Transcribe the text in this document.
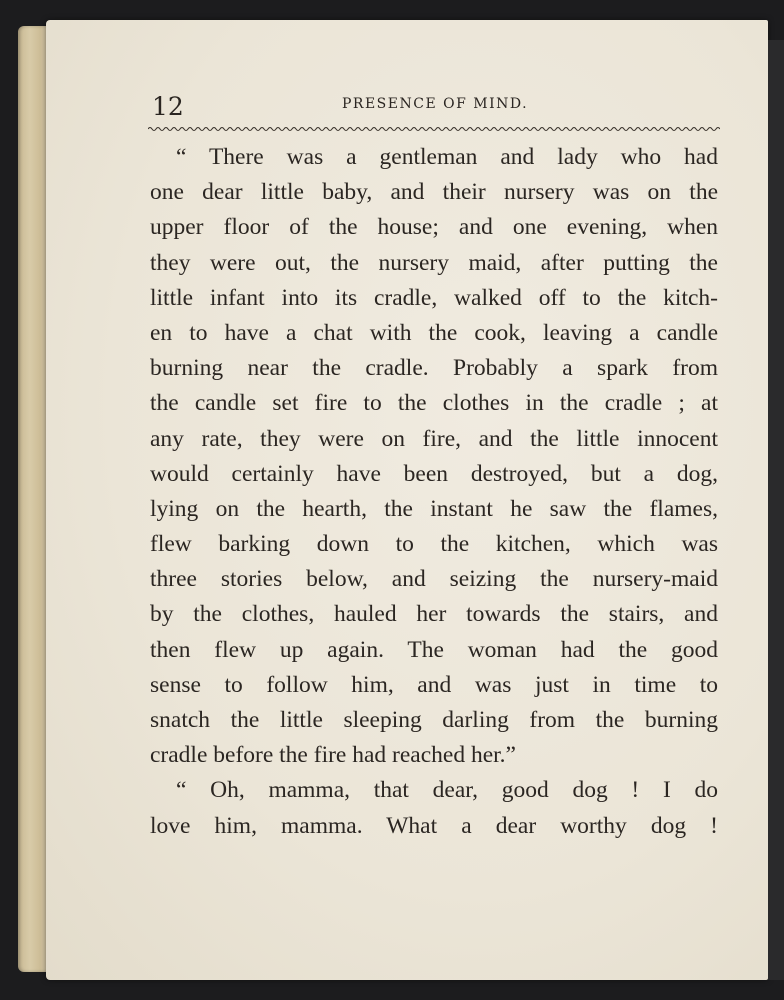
12	PRESENCE OF MIND.
“ There was a gentleman and lady who had
one dear little baby, and their nursery was on the
upper floor of the house; and one evening, when
they were out, the nursery maid, after putting the
little infant into its cradle, walked off to the kitch-
en to have a chat with the cook, leaving a candle
burning near the cradle. Probably a spark from
the candle set fire to the clothes in the cradle ; at
any rate, they were on fire, and the little innocent
would certainly have been destroyed, but a dog,
lying on the hearth, the instant he saw the flames,
flew barking down to the kitchen, which was
three stories below, and seizing the nursery-maid
by the clothes, hauled her towards the stairs, and
then flew up again. The woman had the good
sense to follow him, and was just in time to
snatch the little sleeping darling from the burning
cradle before the fire had reached her.”
“ Oh, mamma, that dear, good dog ! I do
love him, mamma. What a dear worthy dog !
